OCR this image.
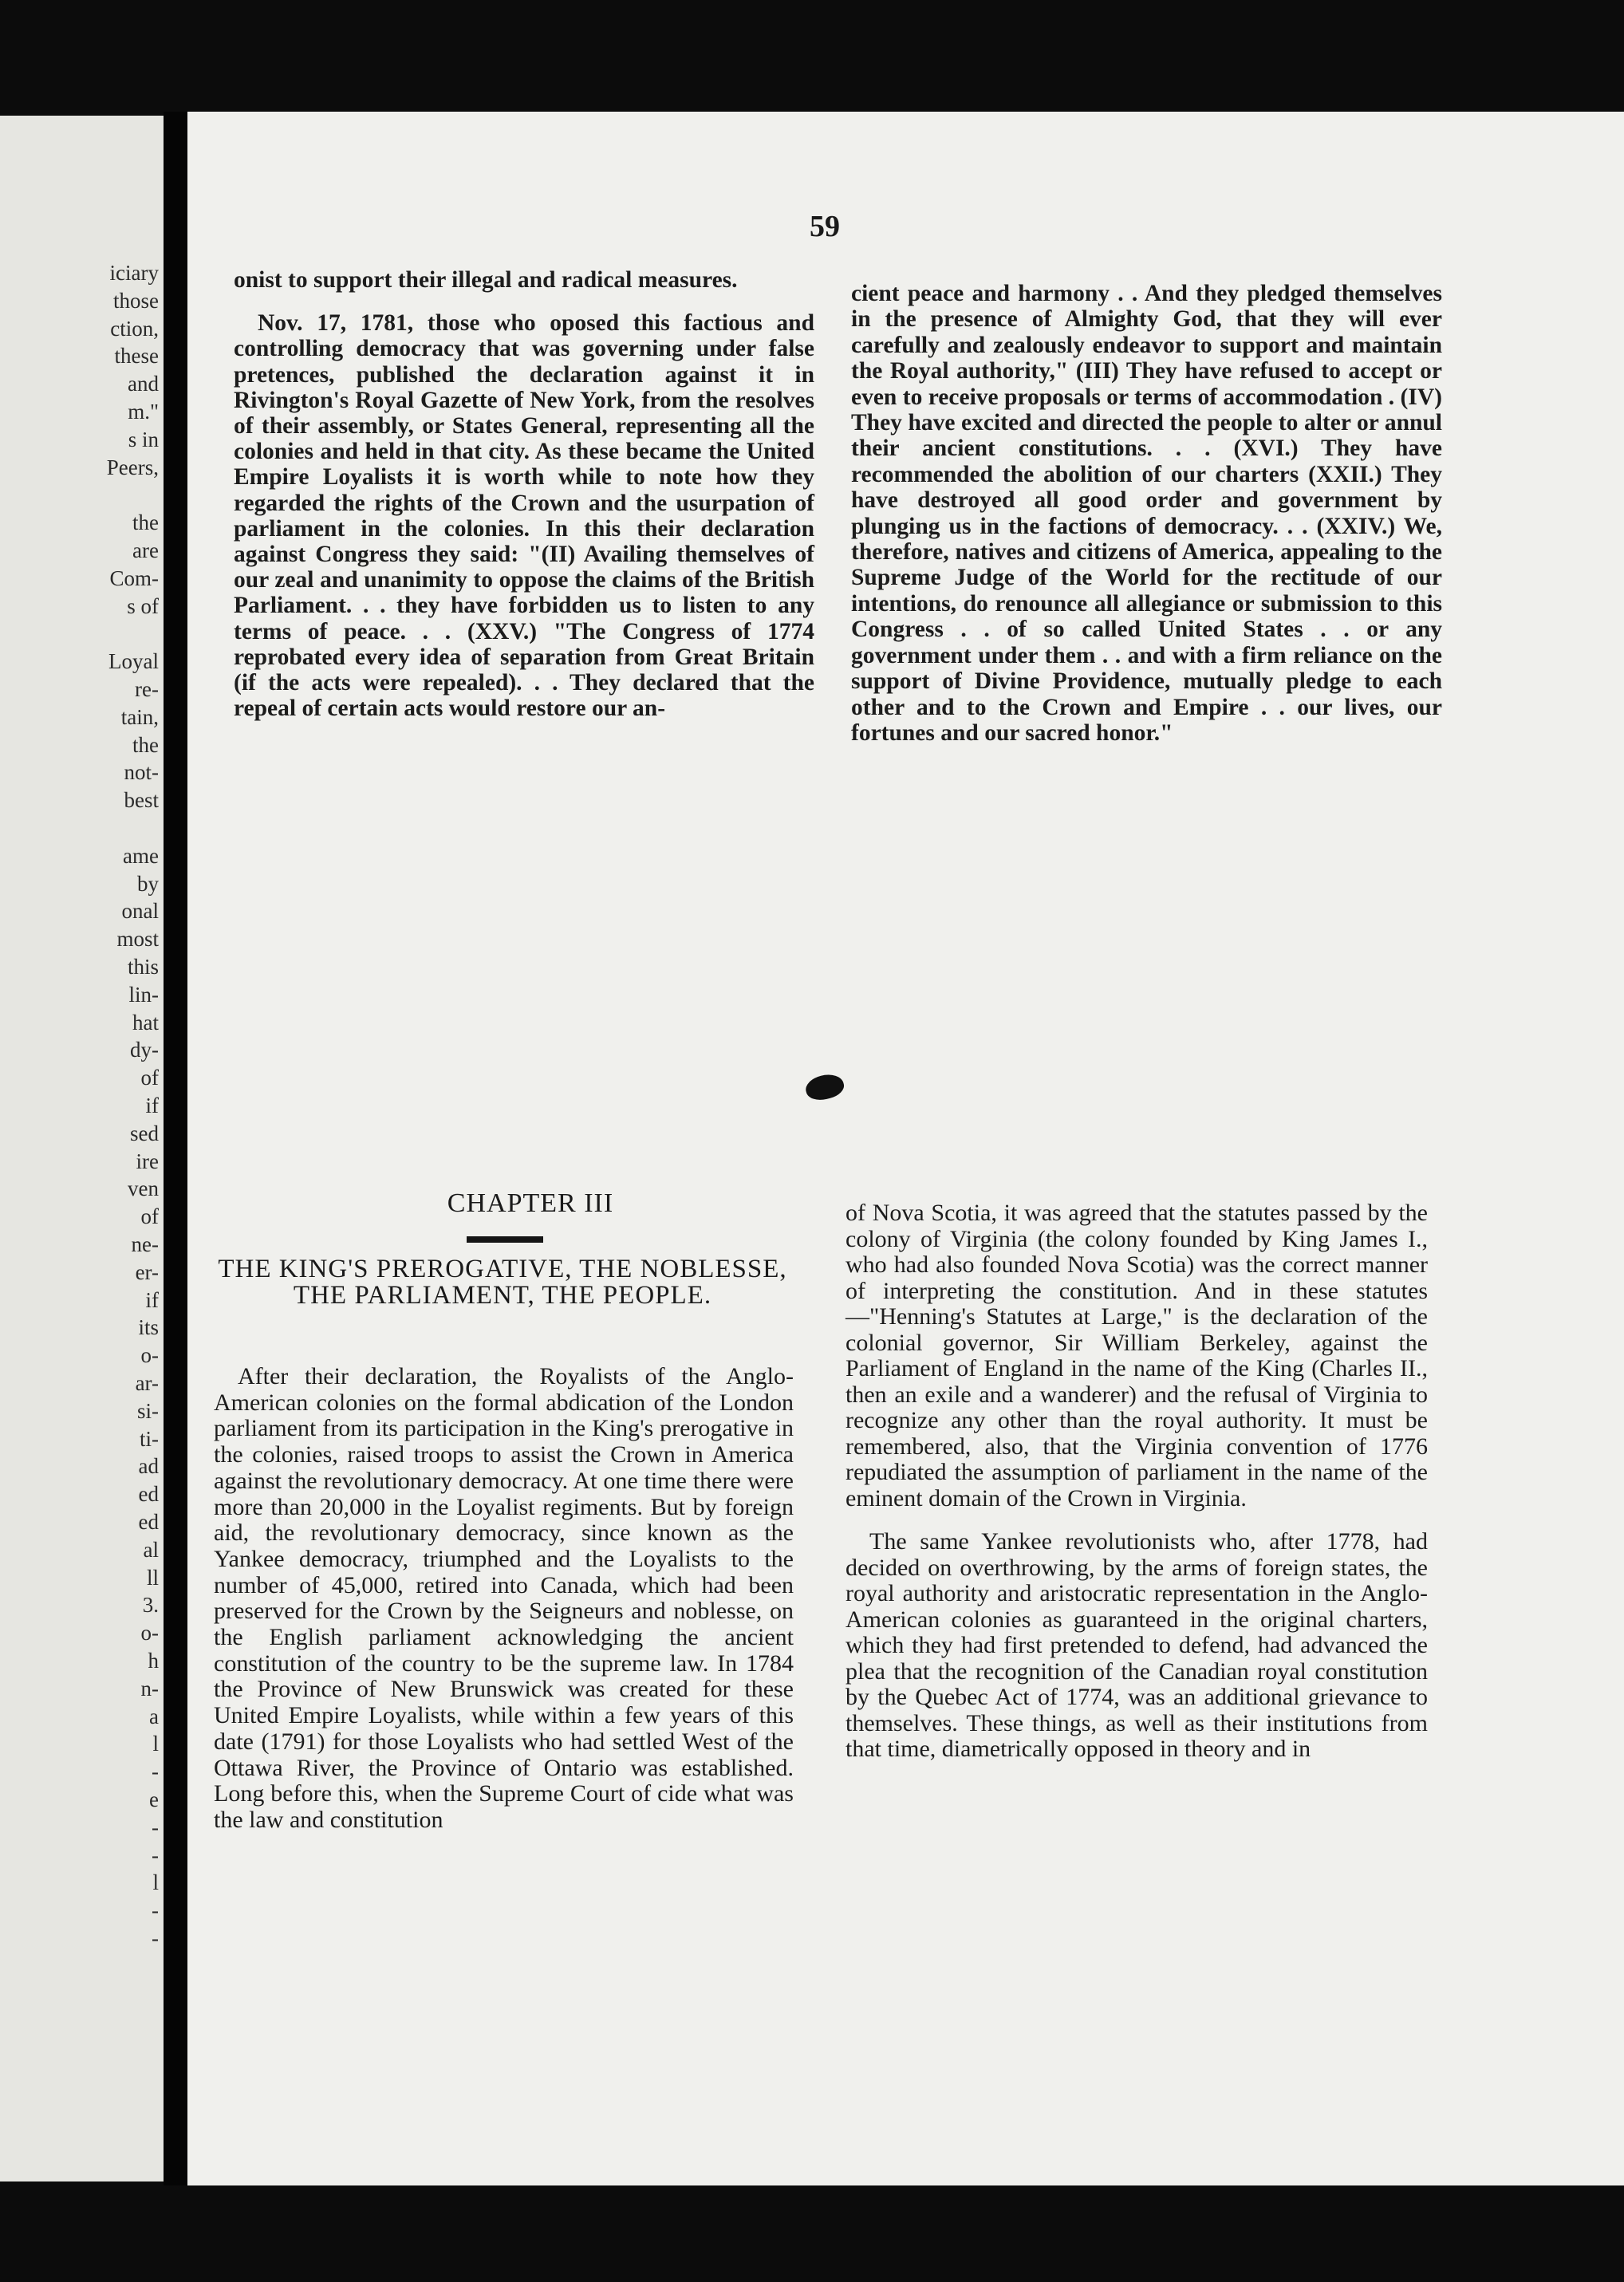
iciary
those
ction,
these
and
m."
s in
Peers,
the
are
Com-
s of
Loyal
re-
tain,
the
not-
best
ame
by
onal
most
this
lin-
hat
dy-
of
if
sed
ire
ven
of
ne-
er-
if
its
o-
ar-
si-
ti-
ad
ed
ed
al
ll
3.
o-
h
n-
a
l
-
e
-
-
l
-
-
59

onist to support their illegal and radical measures.

Nov. 17, 1781, those who oposed this factious and controlling democracy that was governing under false pretences, published the declaration against it in Rivington's Royal Gazette of New York, from the resolves of their assembly, or States General, representing all the colonies and held in that city. As these became the United Empire Loyalists it is worth while to note how they regarded the rights of the Crown and the usurpation of parliament in the colonies. In this their declaration against Congress they said: "(II) Availing themselves of our zeal and unanimity to oppose the claims of the British Parliament. . . they have forbidden us to listen to any terms of peace. . . (XXV.) "The Congress of 1774 reprobated every idea of separation from Great Britain (if the acts were repealed). . . They declared that the repeal of certain acts would restore our an-

cient peace and harmony . . And they pledged themselves in the presence of Almighty God, that they will ever carefully and zealously endeavor to support and maintain the Royal authority," (III) They have refused to accept or even to receive proposals or terms of accommodation . (IV) They have excited and directed the people to alter or annul their ancient constitutions. . . (XVI.) They have recommended the abolition of our charters (XXII.) They have destroyed all good order and government by plunging us in the factions of democracy. . . (XXIV.) We, therefore, natives and citizens of America, appealing to the Supreme Judge of the World for the rectitude of our intentions, do renounce all allegiance or submission to this Congress . . of so called United States . . or any government under them . . and with a firm reliance on the support of Divine Providence, mutually pledge to each other and to the Crown and Empire . . our lives, our fortunes and our sacred honor."

CHAPTER III
THE KING'S PREROGATIVE, THE NOBLESSE, THE PARLIAMENT, THE PEOPLE.

After their declaration, the Royalists of the Anglo-American colonies on the formal abdication of the London parliament from its participation in the King's prerogative in the colonies, raised troops to assist the Crown in America against the revolutionary democracy. At one time there were more than 20,000 in the Loyalist regiments. But by foreign aid, the revolutionary democracy, since known as the Yankee democracy, triumphed and the Loyalists to the number of 45,000, retired into Canada, which had been preserved for the Crown by the Seigneurs and noblesse, on the English parliament acknowledging the ancient constitution of the country to be the supreme law. In 1784 the Province of New Brunswick was created for these United Empire Loyalists, while within a few years of this date (1791) for those Loyalists who had settled West of the Ottawa River, the Province of Ontario was established. Long before this, when the Supreme Court of cide what was the law and constitution

of Nova Scotia, it was agreed that the statutes passed by the colony of Virginia (the colony founded by King James I., who had also founded Nova Scotia) was the correct manner of interpreting the constitution. And in these statutes—"Henning's Statutes at Large," is the declaration of the colonial governor, Sir William Berkeley, against the Parliament of England in the name of the King (Charles II., then an exile and a wanderer) and the refusal of Virginia to recognize any other than the royal authority. It must be remembered, also, that the Virginia convention of 1776 repudiated the assumption of parliament in the name of the eminent domain of the Crown in Virginia.

The same Yankee revolutionists who, after 1778, had decided on overthrowing, by the arms of foreign states, the royal authority and aristocratic representation in the Anglo-American colonies as guaranteed in the original charters, which they had first pretended to defend, had advanced the plea that the recognition of the Canadian royal constitution by the Quebec Act of 1774, was an additional grievance to themselves. These things, as well as their institutions from that time, diametrically opposed in theory and in
